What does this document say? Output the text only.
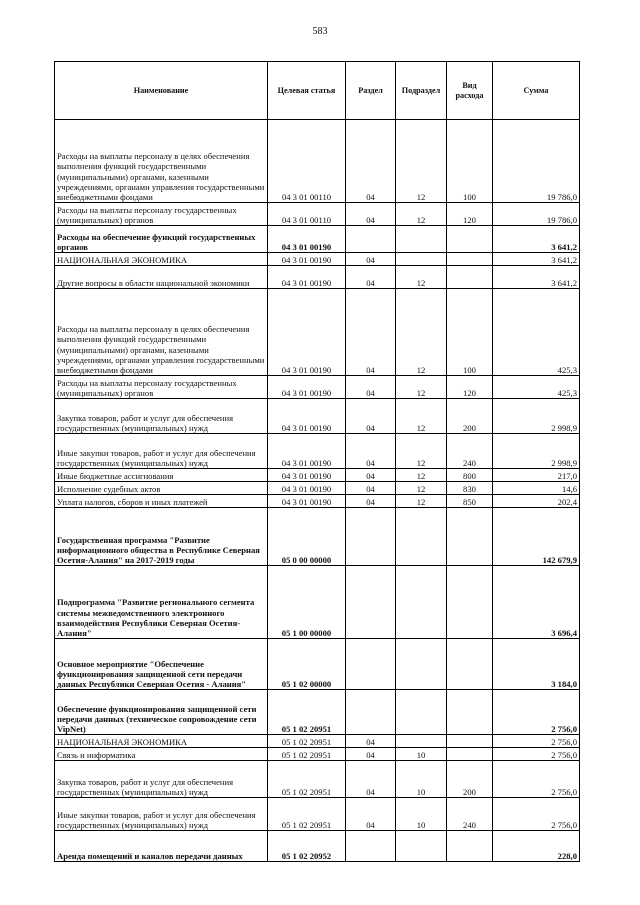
583
Наименование	Целевая статья	Раздел	Подраздел	Вид расхода	Сумма
Расходы на выплаты персоналу в целях обеспечения выполнения функций государственными (муниципальными) органами, казенными учреждениями, органами управления государственными внебюджетными фондами	04 3 01 00110	04	12	100	19 786,0
Расходы на выплаты персоналу государственных (муниципальных) органов	04 3 01 00110	04	12	120	19 786,0
Расходы на обеспечение функций государственных органов	04 3 01 00190				3 641,2
НАЦИОНАЛЬНАЯ ЭКОНОМИКА	04 3 01 00190	04			3 641,2
Другие вопросы в области национальной экономики	04 3 01 00190	04	12		3 641,2
Расходы на выплаты персоналу в целях обеспечения выполнения функций государственными (муниципальными) органами, казенными учреждениями, органами управления государственными внебюджетными фондами	04 3 01 00190	04	12	100	425,3
Расходы на выплаты персоналу государственных (муниципальных) органов	04 3 01 00190	04	12	120	425,3
Закупка товаров, работ и услуг для обеспечения государственных (муниципальных) нужд	04 3 01 00190	04	12	200	2 998,9
Иные закупки товаров, работ и услуг для обеспечения государственных (муниципальных) нужд	04 3 01 00190	04	12	240	2 998,9
Иные бюджетные ассигнования	04 3 01 00190	04	12	800	217,0
Исполнение судебных актов	04 3 01 00190	04	12	830	14,6
Уплата налогов, сборов и иных платежей	04 3 01 00190	04	12	850	202,4
Государственная программа "Развитие информационного общества в Республике Северная Осетия-Алания" на 2017-2019 годы	05 0 00 00000				142 679,9
Подпрограмма "Развитие регионального сегмента системы межведомственного электронного взаимодействия Республики Северная Осетия-Алания"	05 1 00 00000				3 696,4
Основное мероприятие "Обеспечение функционирования защищенной сети передачи данных Республики Северная Осетия - Алания"	05 1 02 00000				3 184,0
Обеспечение функционирования защищенной сети передачи данных (техническое сопровождение сети VipNet)	05 1 02 20951				2 756,0
НАЦИОНАЛЬНАЯ ЭКОНОМИКА	05 1 02 20951	04			2 756,0
Связь и информатика	05 1 02 20951	04	10		2 756,0
Закупка товаров, работ и услуг для обеспечения государственных (муниципальных) нужд	05 1 02 20951	04	10	200	2 756,0
Иные закупки товаров, работ и услуг для обеспечения государственных (муниципальных) нужд	05 1 02 20951	04	10	240	2 756,0
Аренда помещений и каналов передачи данных	05 1 02 20952				228,0
